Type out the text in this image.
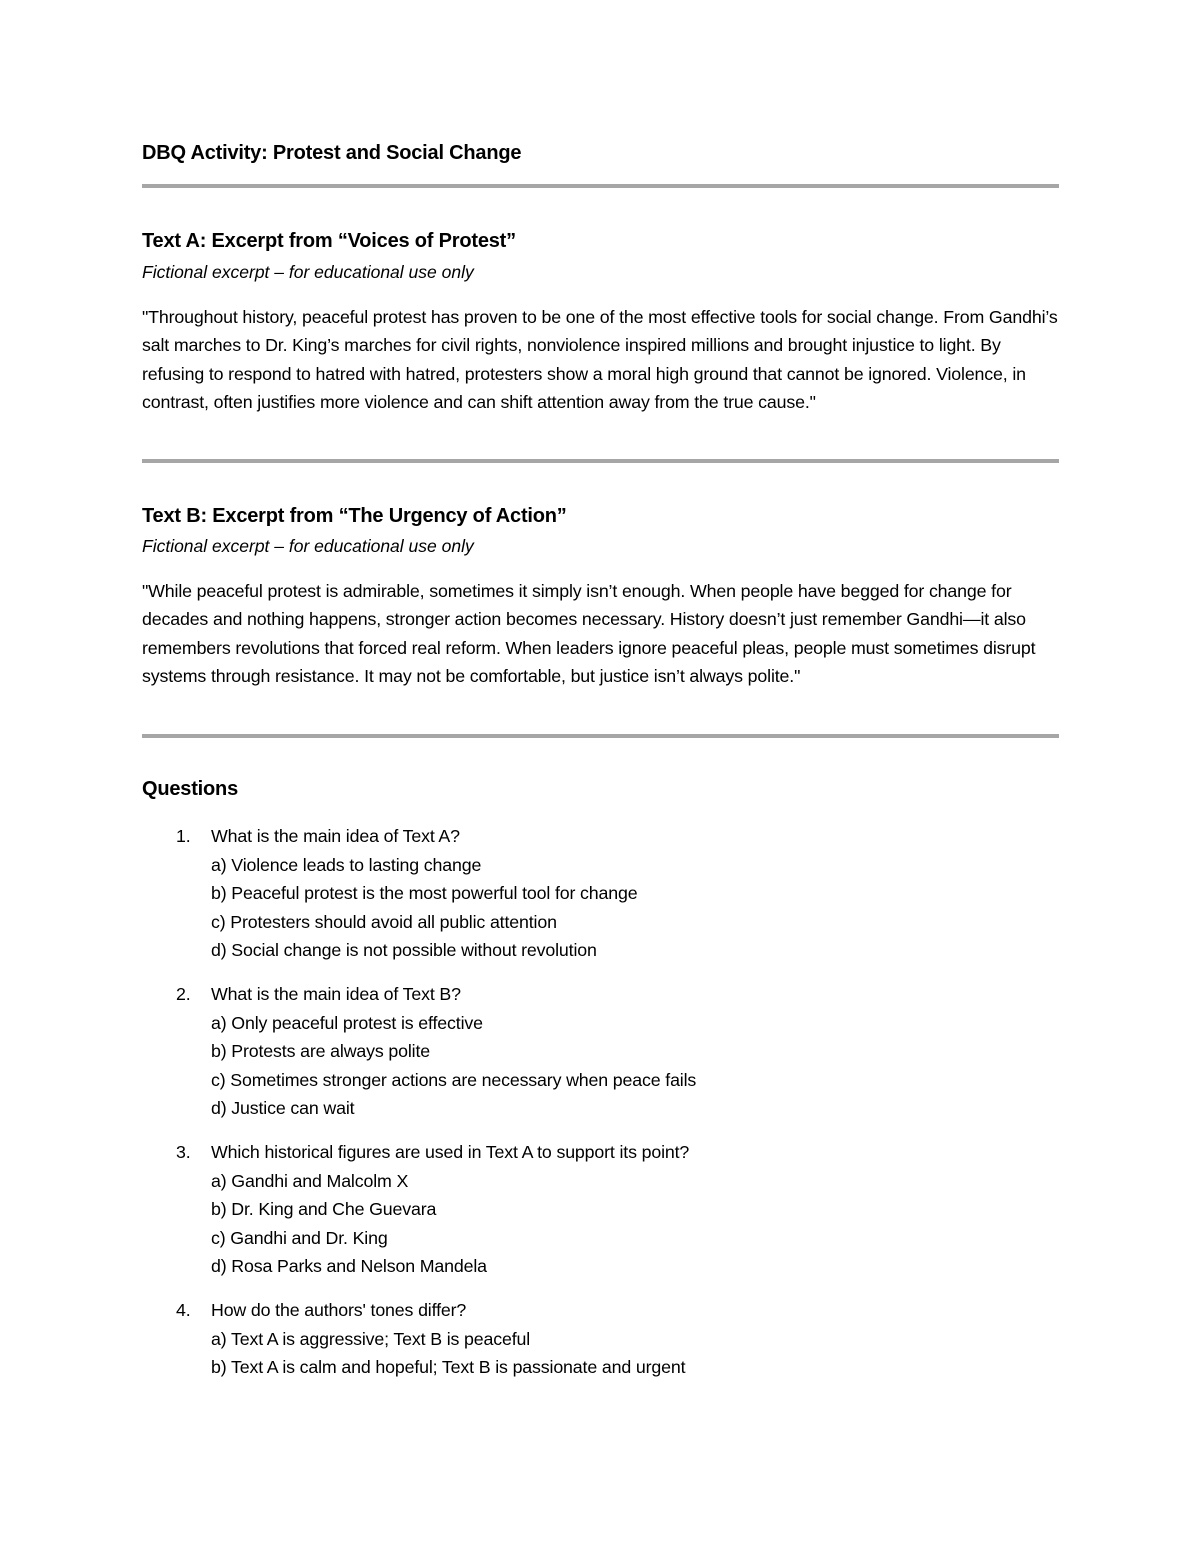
DBQ Activity: Protest and Social Change
Text A: Excerpt from “Voices of Protest”

Fictional excerpt – for educational use only

"Throughout history, peaceful protest has proven to be one of the most effective tools for social change. From Gandhi’s salt marches to Dr. King’s marches for civil rights, nonviolence inspired millions and brought injustice to light. By refusing to respond to hatred with hatred, protesters show a moral high ground that cannot be ignored. Violence, in contrast, often justifies more violence and can shift attention away from the true cause."

Text B: Excerpt from “The Urgency of Action”

Fictional excerpt – for educational use only

"While peaceful protest is admirable, sometimes it simply isn’t enough. When people have begged for change for decades and nothing happens, stronger action becomes necessary. History doesn’t just remember Gandhi—it also remembers revolutions that forced real reform. When leaders ignore peaceful pleas, people must sometimes disrupt systems through resistance. It may not be comfortable, but justice isn’t always polite."

Questions
1. What is the main idea of Text A?
a) Violence leads to lasting change
b) Peaceful protest is the most powerful tool for change
c) Protesters should avoid all public attention
d) Social change is not possible without revolution
2. What is the main idea of Text B?
a) Only peaceful protest is effective
b) Protests are always polite
c) Sometimes stronger actions are necessary when peace fails
d) Justice can wait
3. Which historical figures are used in Text A to support its point?
a) Gandhi and Malcolm X
b) Dr. King and Che Guevara
c) Gandhi and Dr. King
d) Rosa Parks and Nelson Mandela
4. How do the authors' tones differ?
a) Text A is aggressive; Text B is peaceful
b) Text A is calm and hopeful; Text B is passionate and urgent
